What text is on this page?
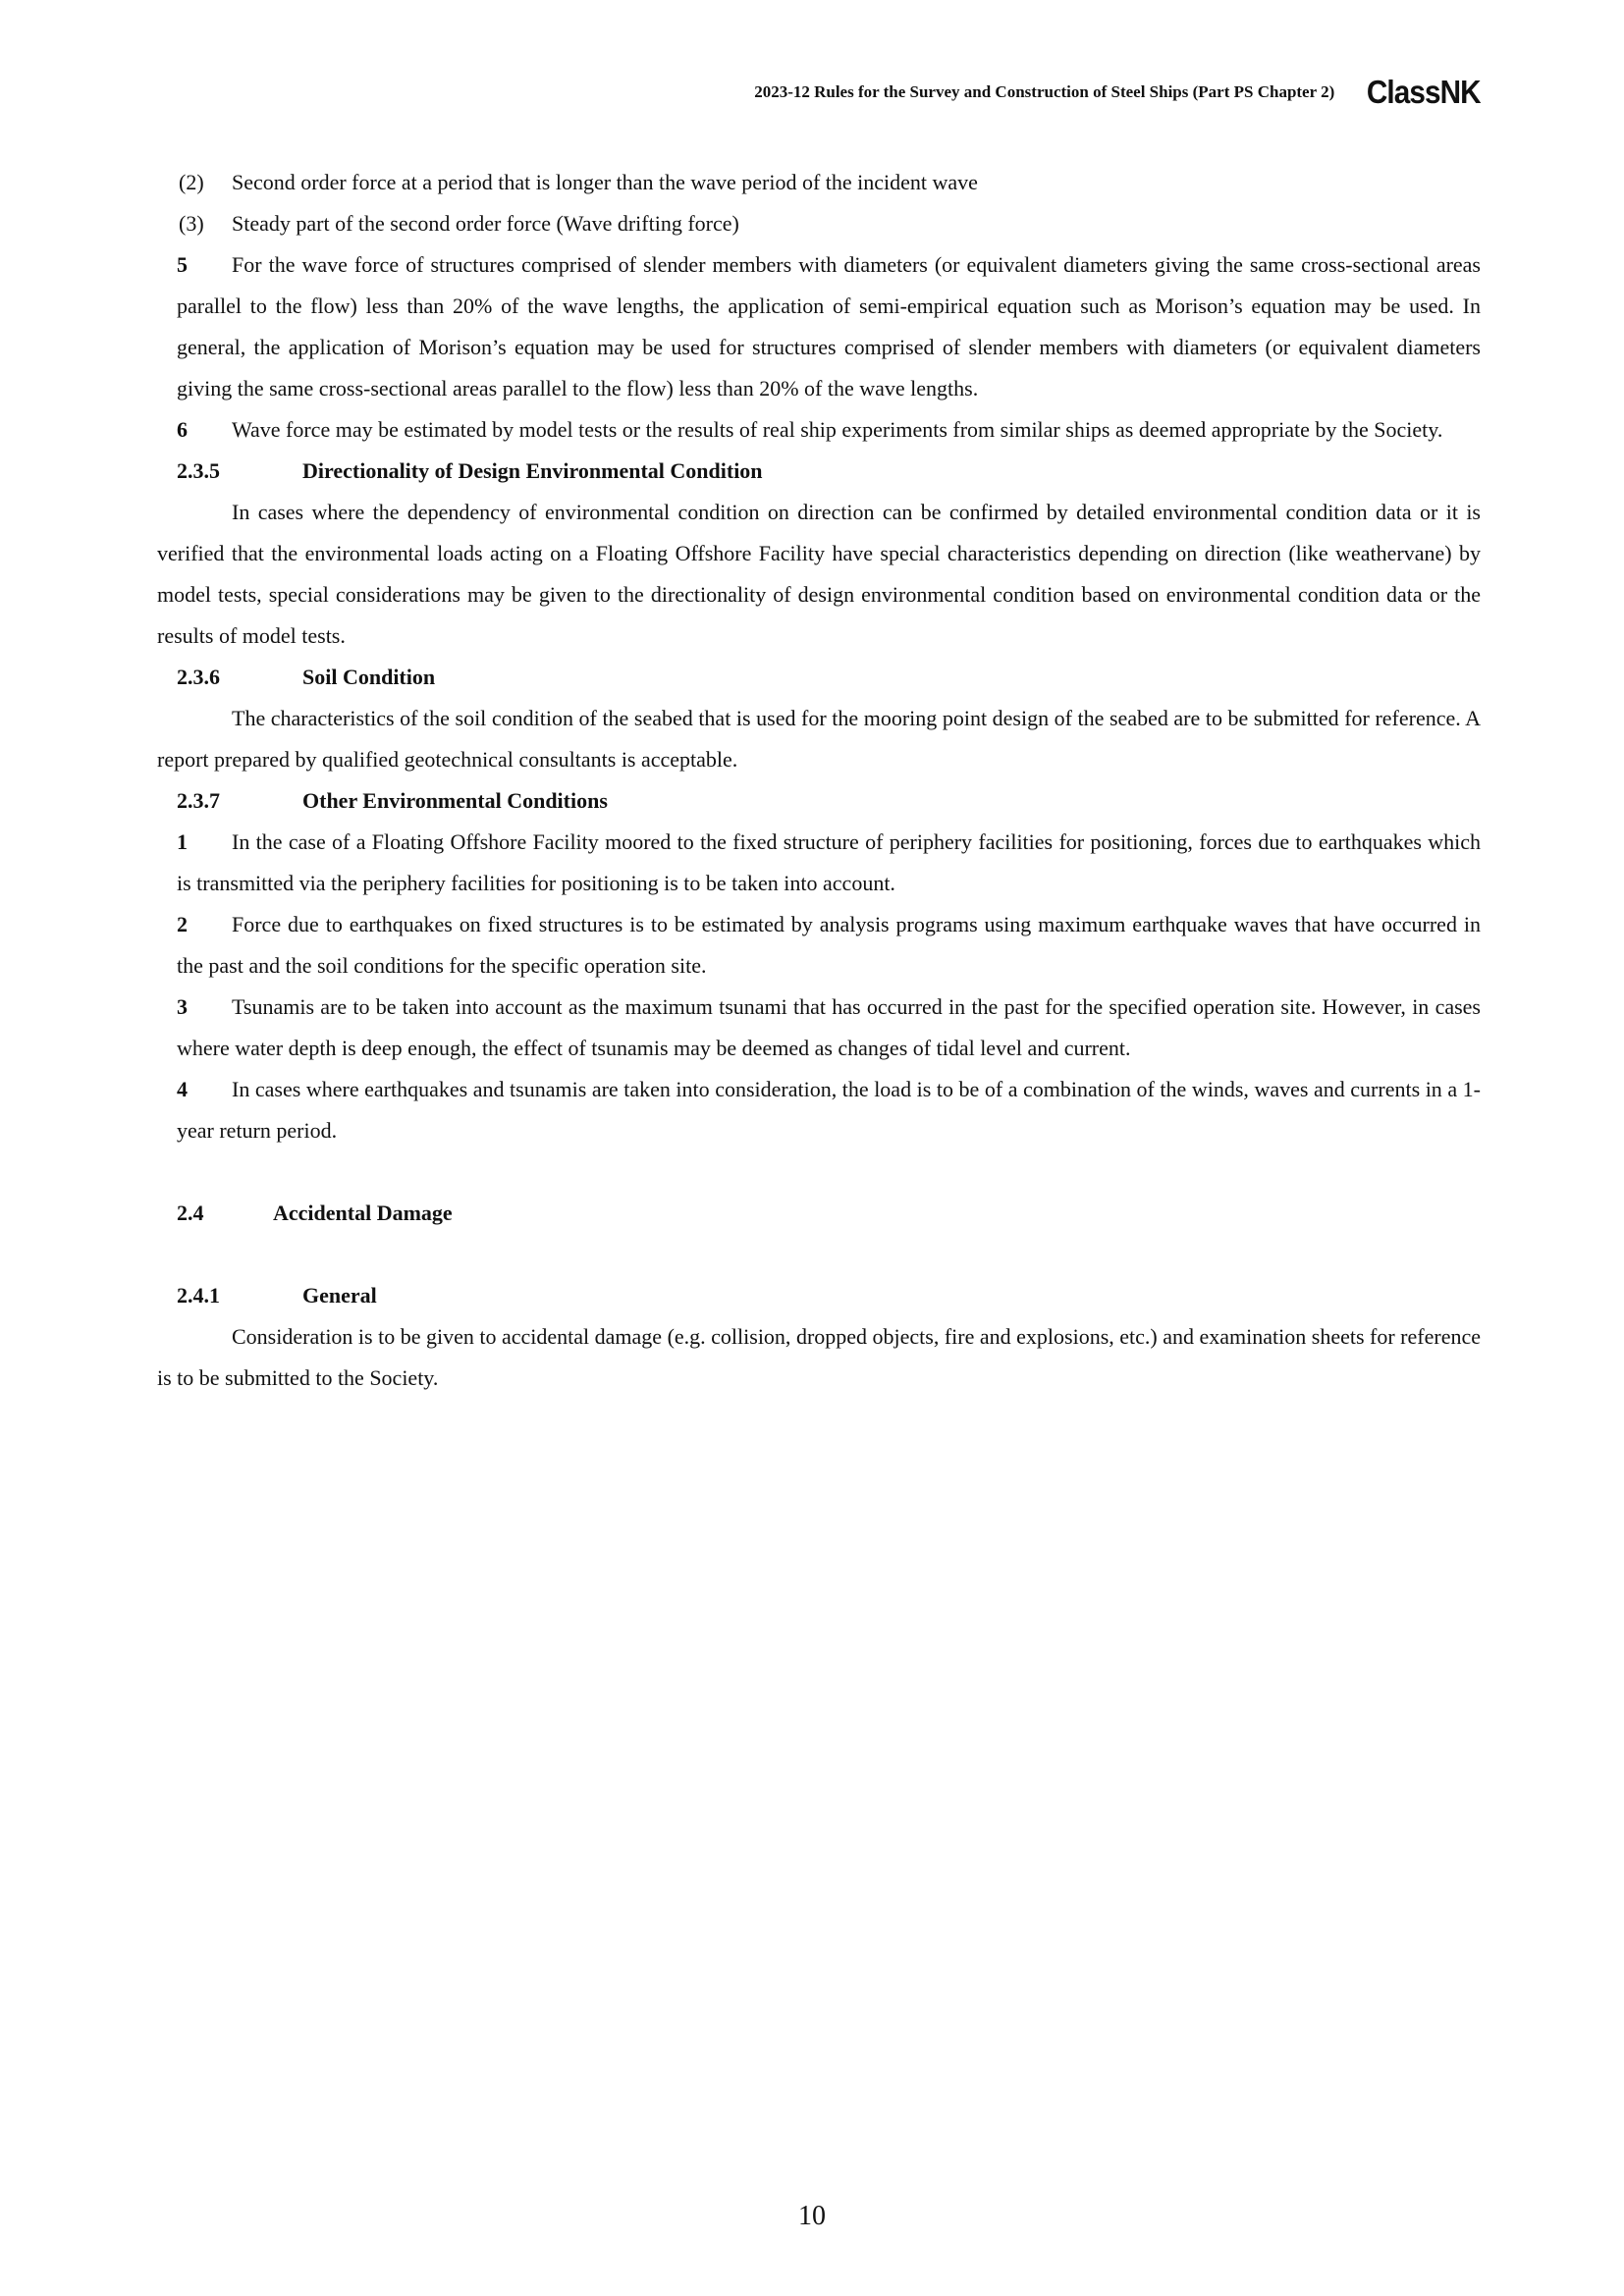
2023-12 Rules for the Survey and Construction of Steel Ships (Part PS Chapter 2) ClassNK
(2) Second order force at a period that is longer than the wave period of the incident wave
(3) Steady part of the second order force (Wave drifting force)
5 For the wave force of structures comprised of slender members with diameters (or equivalent diameters giving the same cross-sectional areas parallel to the flow) less than 20% of the wave lengths, the application of semi-empirical equation such as Morison’s equation may be used. In general, the application of Morison’s equation may be used for structures comprised of slender members with diameters (or equivalent diameters giving the same cross-sectional areas parallel to the flow) less than 20% of the wave lengths.
6 Wave force may be estimated by model tests or the results of real ship experiments from similar ships as deemed appropriate by the Society.
2.3.5	Directionality of Design Environmental Condition
In cases where the dependency of environmental condition on direction can be confirmed by detailed environmental condition data or it is verified that the environmental loads acting on a Floating Offshore Facility have special characteristics depending on direction (like weathervane) by model tests, special considerations may be given to the directionality of design environmental condition based on environmental condition data or the results of model tests.
2.3.6	Soil Condition
The characteristics of the soil condition of the seabed that is used for the mooring point design of the seabed are to be submitted for reference. A report prepared by qualified geotechnical consultants is acceptable.
2.3.7	Other Environmental Conditions
1 In the case of a Floating Offshore Facility moored to the fixed structure of periphery facilities for positioning, forces due to earthquakes which is transmitted via the periphery facilities for positioning is to be taken into account.
2 Force due to earthquakes on fixed structures is to be estimated by analysis programs using maximum earthquake waves that have occurred in the past and the soil conditions for the specific operation site.
3 Tsunamis are to be taken into account as the maximum tsunami that has occurred in the past for the specified operation site. However, in cases where water depth is deep enough, the effect of tsunamis may be deemed as changes of tidal level and current.
4 In cases where earthquakes and tsunamis are taken into consideration, the load is to be of a combination of the winds, waves and currents in a 1-year return period.
2.4	Accidental Damage
2.4.1	General
Consideration is to be given to accidental damage (e.g. collision, dropped objects, fire and explosions, etc.) and examination sheets for reference is to be submitted to the Society.
10
